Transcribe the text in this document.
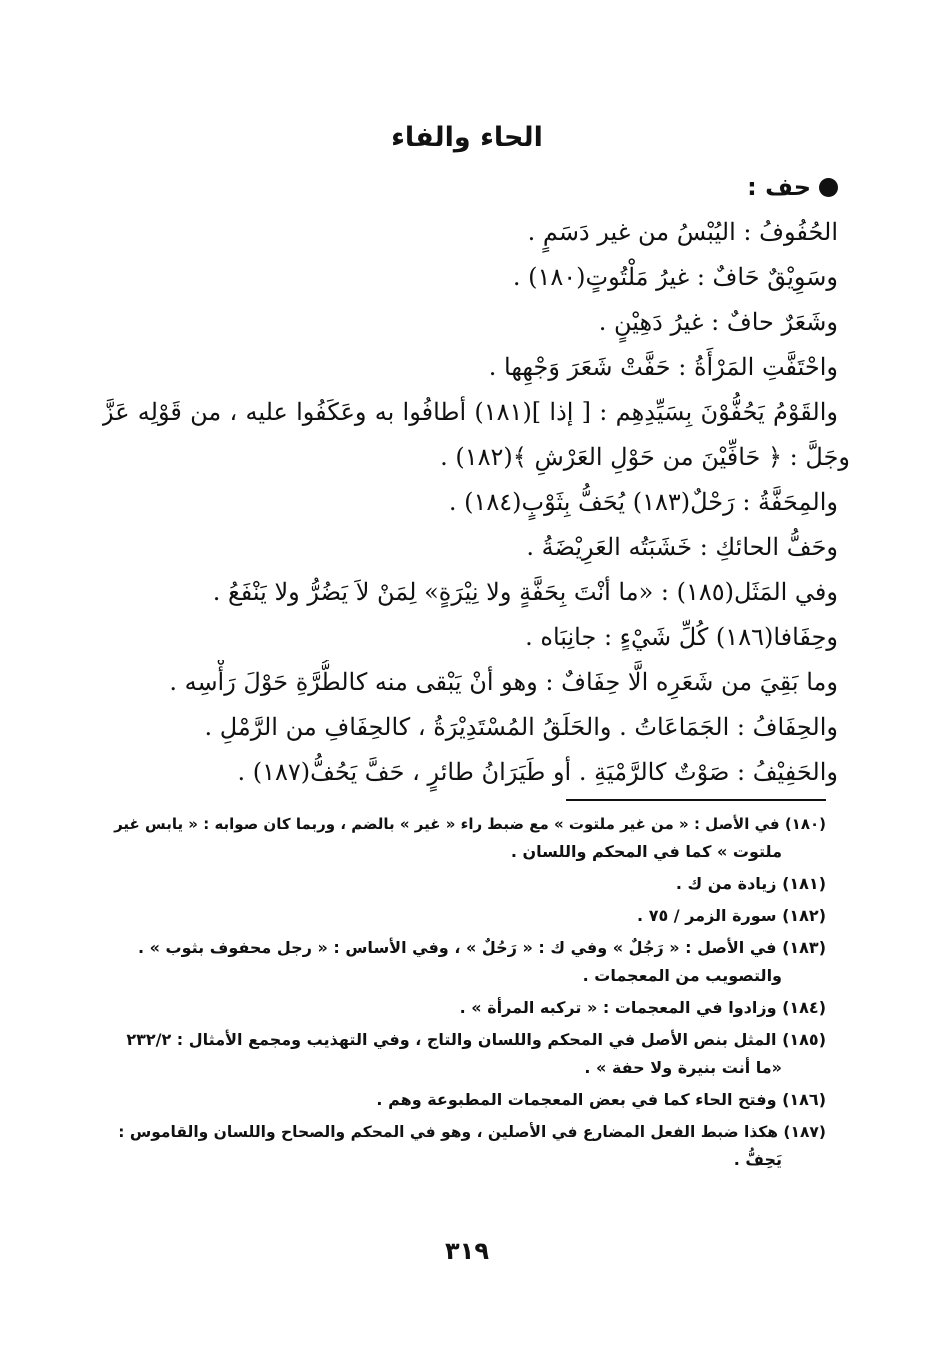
الحاء والفاء
حف :
الحُفُوفُ : اليُبْسُ من غير دَسَمٍ .
وسَوِيْقٌ حَافٌ : غيرُ مَلْتُوتٍ(١٨٠) .
وشَعَرٌ حافٌ : غيرُ دَهِيْنٍ .
واحْتَفَّتِ المَرْأَةُ : حَفَّتْ شَعَرَ وَجْهِها .
والقَوْمُ يَحُفُّوْنَ بِسَيِّدِهِم : [ إذا ](١٨١) أطافُوا به وعَكَفُوا عليه ، من قَوْلِه عَزَّ
وجَلَّ : ﴿ حَافِّيْنَ من حَوْلِ العَرْشِ ﴾(١٨٢) .
والمِحَفَّةُ : رَحْلٌ(١٨٣) يُحَفُّ بِثَوْبٍ(١٨٤) .
وحَفُّ الحائكِ : خَشَبَتُه العَرِيْضَةُ .
وفي المَثَل(١٨٥) : «ما أنْتَ بِحَفَّةٍ ولا نِيْرَةٍ» لِمَنْ لاَ يَضُرُّ ولا يَنْفَعُ .
وحِفَافا(١٨٦) كُلِّ شَيْءٍ : جانِبَاه .
وما بَقِيَ من شَعَرِه الَّا حِفَافٌ : وهو أنْ يَبْقى منه كالطُّرَّةِ حَوْلَ رَأْسِه .
والحِفَافُ : الجَمَاعَاتُ . والحَلَقُ المُسْتَدِيْرَةُ ، كالحِفَافِ من الرَّمْلِ .
والحَفِيْفُ : صَوْتٌ كالرَّمْيَةِ . أو طَيَرَانُ طائرٍ ، حَفَّ يَحُفُّ(١٨٧) .
(١٨٠) في الأصل : « من غير ملتوت » مع ضبط راء « غير » بالضم ، وربما كان صوابه : « يابس غير
ملتوت » كما في المحكم واللسان .
(١٨١) زيادة من ك .
(١٨٢) سورة الزمر / ٧٥ .
(١٨٣) في الأصل : « رَجُلٌ » وفي ك : « رَحُلٌ » ، وفي الأساس : « رجل محفوف بثوب » .
والتصويب من المعجمات .
(١٨٤) وزادوا في المعجمات : « تركبه المرأة » .
(١٨٥) المثل بنص الأصل في المحكم واللسان والتاج ، وفي التهذيب ومجمع الأمثال : ٢٣٢/٢
«ما أنت بنيرة ولا حفة » .
(١٨٦) وفتح الحاء كما في بعض المعجمات المطبوعة وهم .
(١٨٧) هكذا ضبط الفعل المضارع في الأصلين ، وهو في المحكم والصحاح واللسان والقاموس :
يَحِفُّ .
٣١٩
